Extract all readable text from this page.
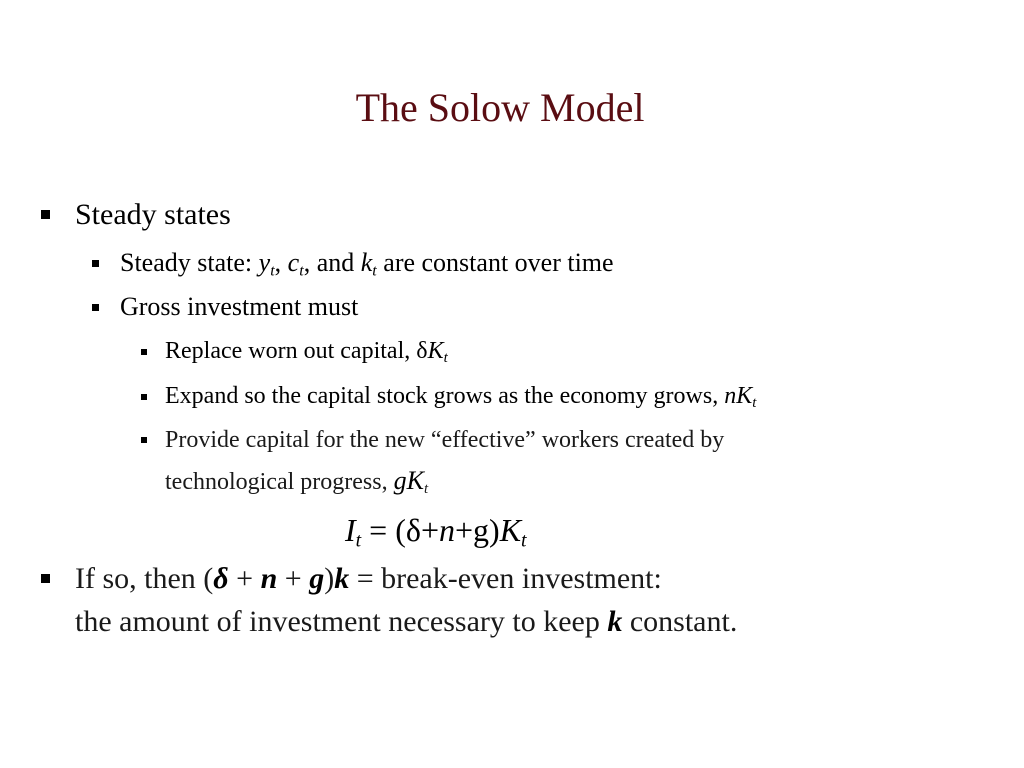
The Solow Model
Steady states
Steady state: $y_t$, $c_t$, and $k_t$ are constant over time
Gross investment must
Replace worn out capital, $\delta K_t$
Expand so the capital stock grows as the economy grows, $nK_t$
Provide capital for the new “effective” workers created by
technological progress, $gK_t$
$I_t = (\delta+n+g)K_t$
If so, then (δ + n + g)k = break-even investment:
the amount of investment necessary to keep k constant.
